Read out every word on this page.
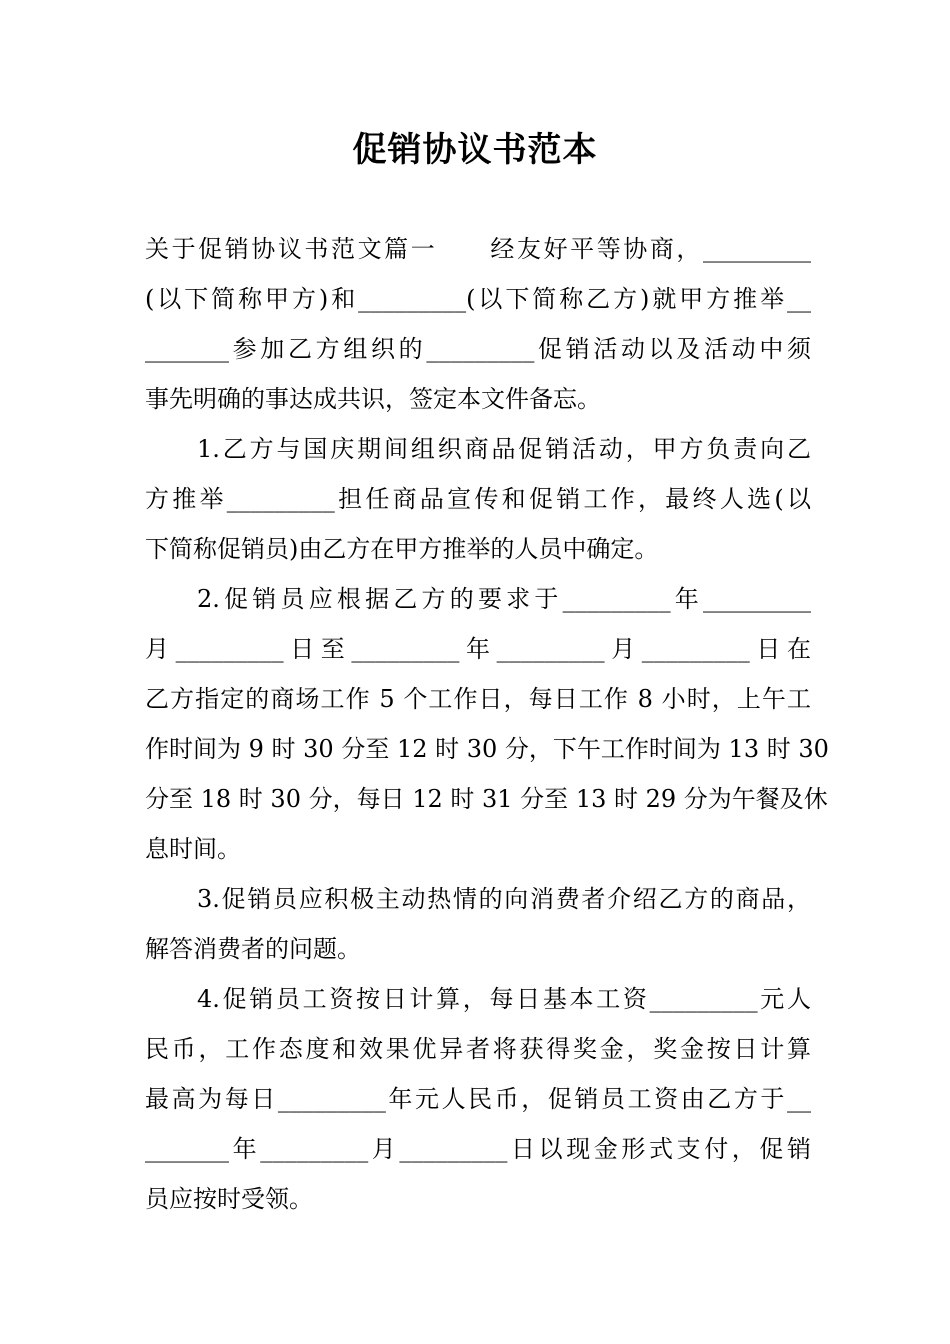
促销协议书范本
关于促销协议书范文篇一　　经友好平等协商，_________
(以下简称甲方)和_________(以下简称乙方)就甲方推举__
_______参加乙方组织的_________促销活动以及活动中须
事先明确的事达成共识，签定本文件备忘。
1.乙方与国庆期间组织商品促销活动，甲方负责向乙
方推举_________担任商品宣传和促销工作，最终人选(以
下简称促销员)由乙方在甲方推举的人员中确定。
2.促销员应根据乙方的要求于_________年_________
月_________日至_________年_________月_________日在
乙方指定的商场工作 5 个工作日，每日工作 8 小时，上午工
作时间为 9 时 30 分至 12 时 30 分，下午工作时间为 13 时 30
分至 18 时 30 分，每日 12 时 31 分至 13 时 29 分为午餐及休
息时间。
3.促销员应积极主动热情的向消费者介绍乙方的商品，
解答消费者的问题。
4.促销员工资按日计算，每日基本工资_________元人
民币，工作态度和效果优异者将获得奖金，奖金按日计算
最高为每日_________年元人民币，促销员工资由乙方于__
_______年_________月_________日以现金形式支付，促销
员应按时受领。
